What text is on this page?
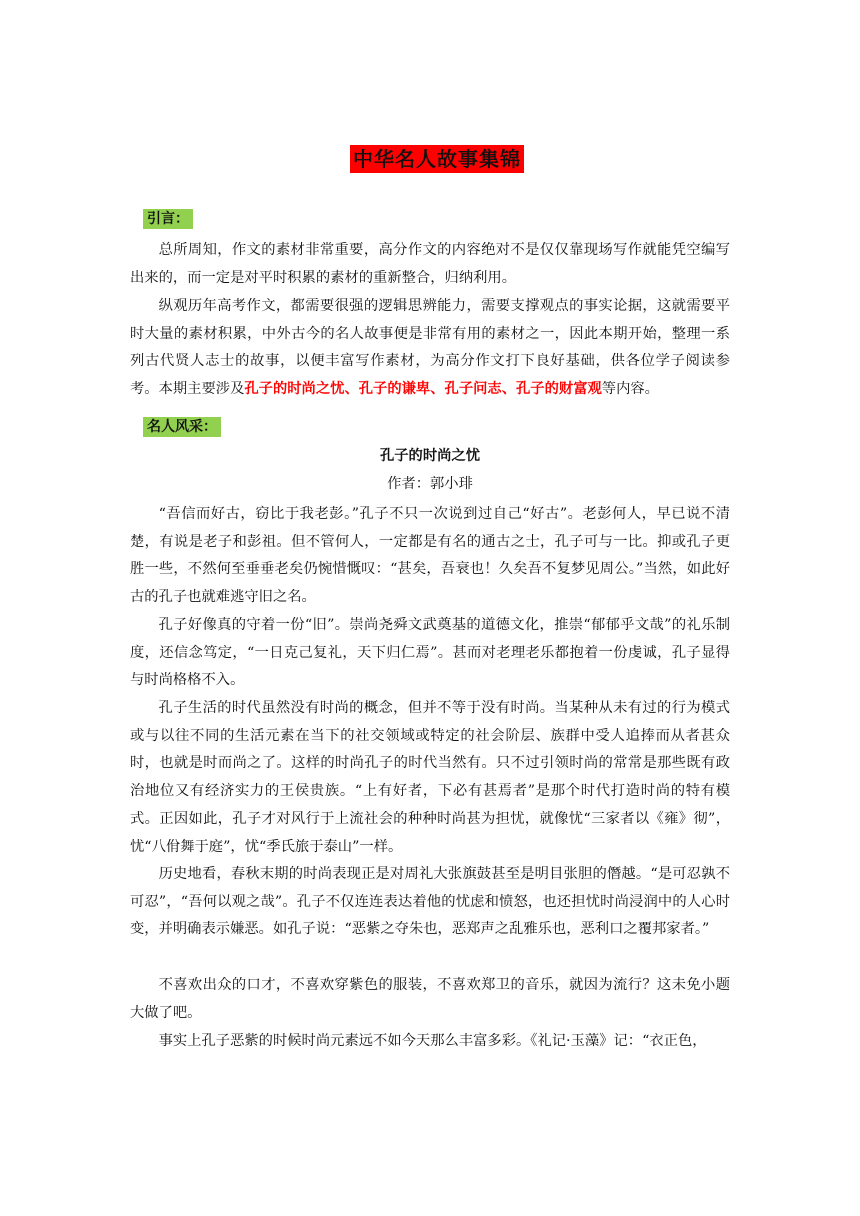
中华名人故事集锦
引言：

总所周知，作文的素材非常重要，高分作文的内容绝对不是仅仅靠现场写作就能凭空编写出来的，而一定是对平时积累的素材的重新整合，归纳利用。

纵观历年高考作文，都需要很强的逻辑思辨能力，需要支撑观点的事实论据，这就需要平时大量的素材积累，中外古今的名人故事便是非常有用的素材之一，因此本期开始，整理一系列古代贤人志士的故事，以便丰富写作素材，为高分作文打下良好基础，供各位学子阅读参考。本期主要涉及孔子的时尚之忧、孔子的谦卑、孔子问志、孔子的财富观等内容。

名人风采：
孔子的时尚之忧
作者：郭小琲

“吾信而好古，窃比于我老彭。”孔子不只一次说到过自己“好古”。老彭何人，早已说不清楚，有说是老子和彭祖。但不管何人，一定都是有名的通古之士，孔子可与一比。抑或孔子更胜一些，不然何至垂垂老矣仍惋惜慨叹：“甚矣，吾衰也！久矣吾不复梦见周公。”当然，如此好古的孔子也就难逃守旧之名。

孔子好像真的守着一份“旧”。崇尚尧舜文武奠基的道德文化，推崇“郁郁乎文哉”的礼乐制度，还信念笃定，“一日克己复礼，天下归仁焉”。甚而对老理老乐都抱着一份虔诚，孔子显得与时尚格格不入。

孔子生活的时代虽然没有时尚的概念，但并不等于没有时尚。当某种从未有过的行为模式或与以往不同的生活元素在当下的社交领域或特定的社会阶层、族群中受人追捧而从者甚众时，也就是时而尚之了。这样的时尚孔子的时代当然有。只不过引领时尚的常常是那些既有政治地位又有经济实力的王侯贵族。“上有好者，下必有甚焉者”是那个时代打造时尚的特有模式。正因如此，孔子才对风行于上流社会的种种时尚甚为担忧，就像忧“三家者以《雍》彻”，忧“八佾舞于庭”，忧“季氏旅于泰山”一样。

历史地看，春秋末期的时尚表现正是对周礼大张旗鼓甚至是明目张胆的僭越。“是可忍孰不可忍”，“吾何以观之哉”。孔子不仅连连表达着他的忧虑和愤怒，也还担忧时尚浸润中的人心时变，并明确表示嫌恶。如孔子说：“恶紫之夺朱也，恶郑声之乱雅乐也，恶利口之覆邦家者。”

不喜欢出众的口才，不喜欢穿紫色的服装，不喜欢郑卫的音乐，就因为流行？这未免小题大做了吧。

事实上孔子恶紫的时候时尚元素远不如今天那么丰富多彩。《礼记·玉藻》记：“衣正色，
